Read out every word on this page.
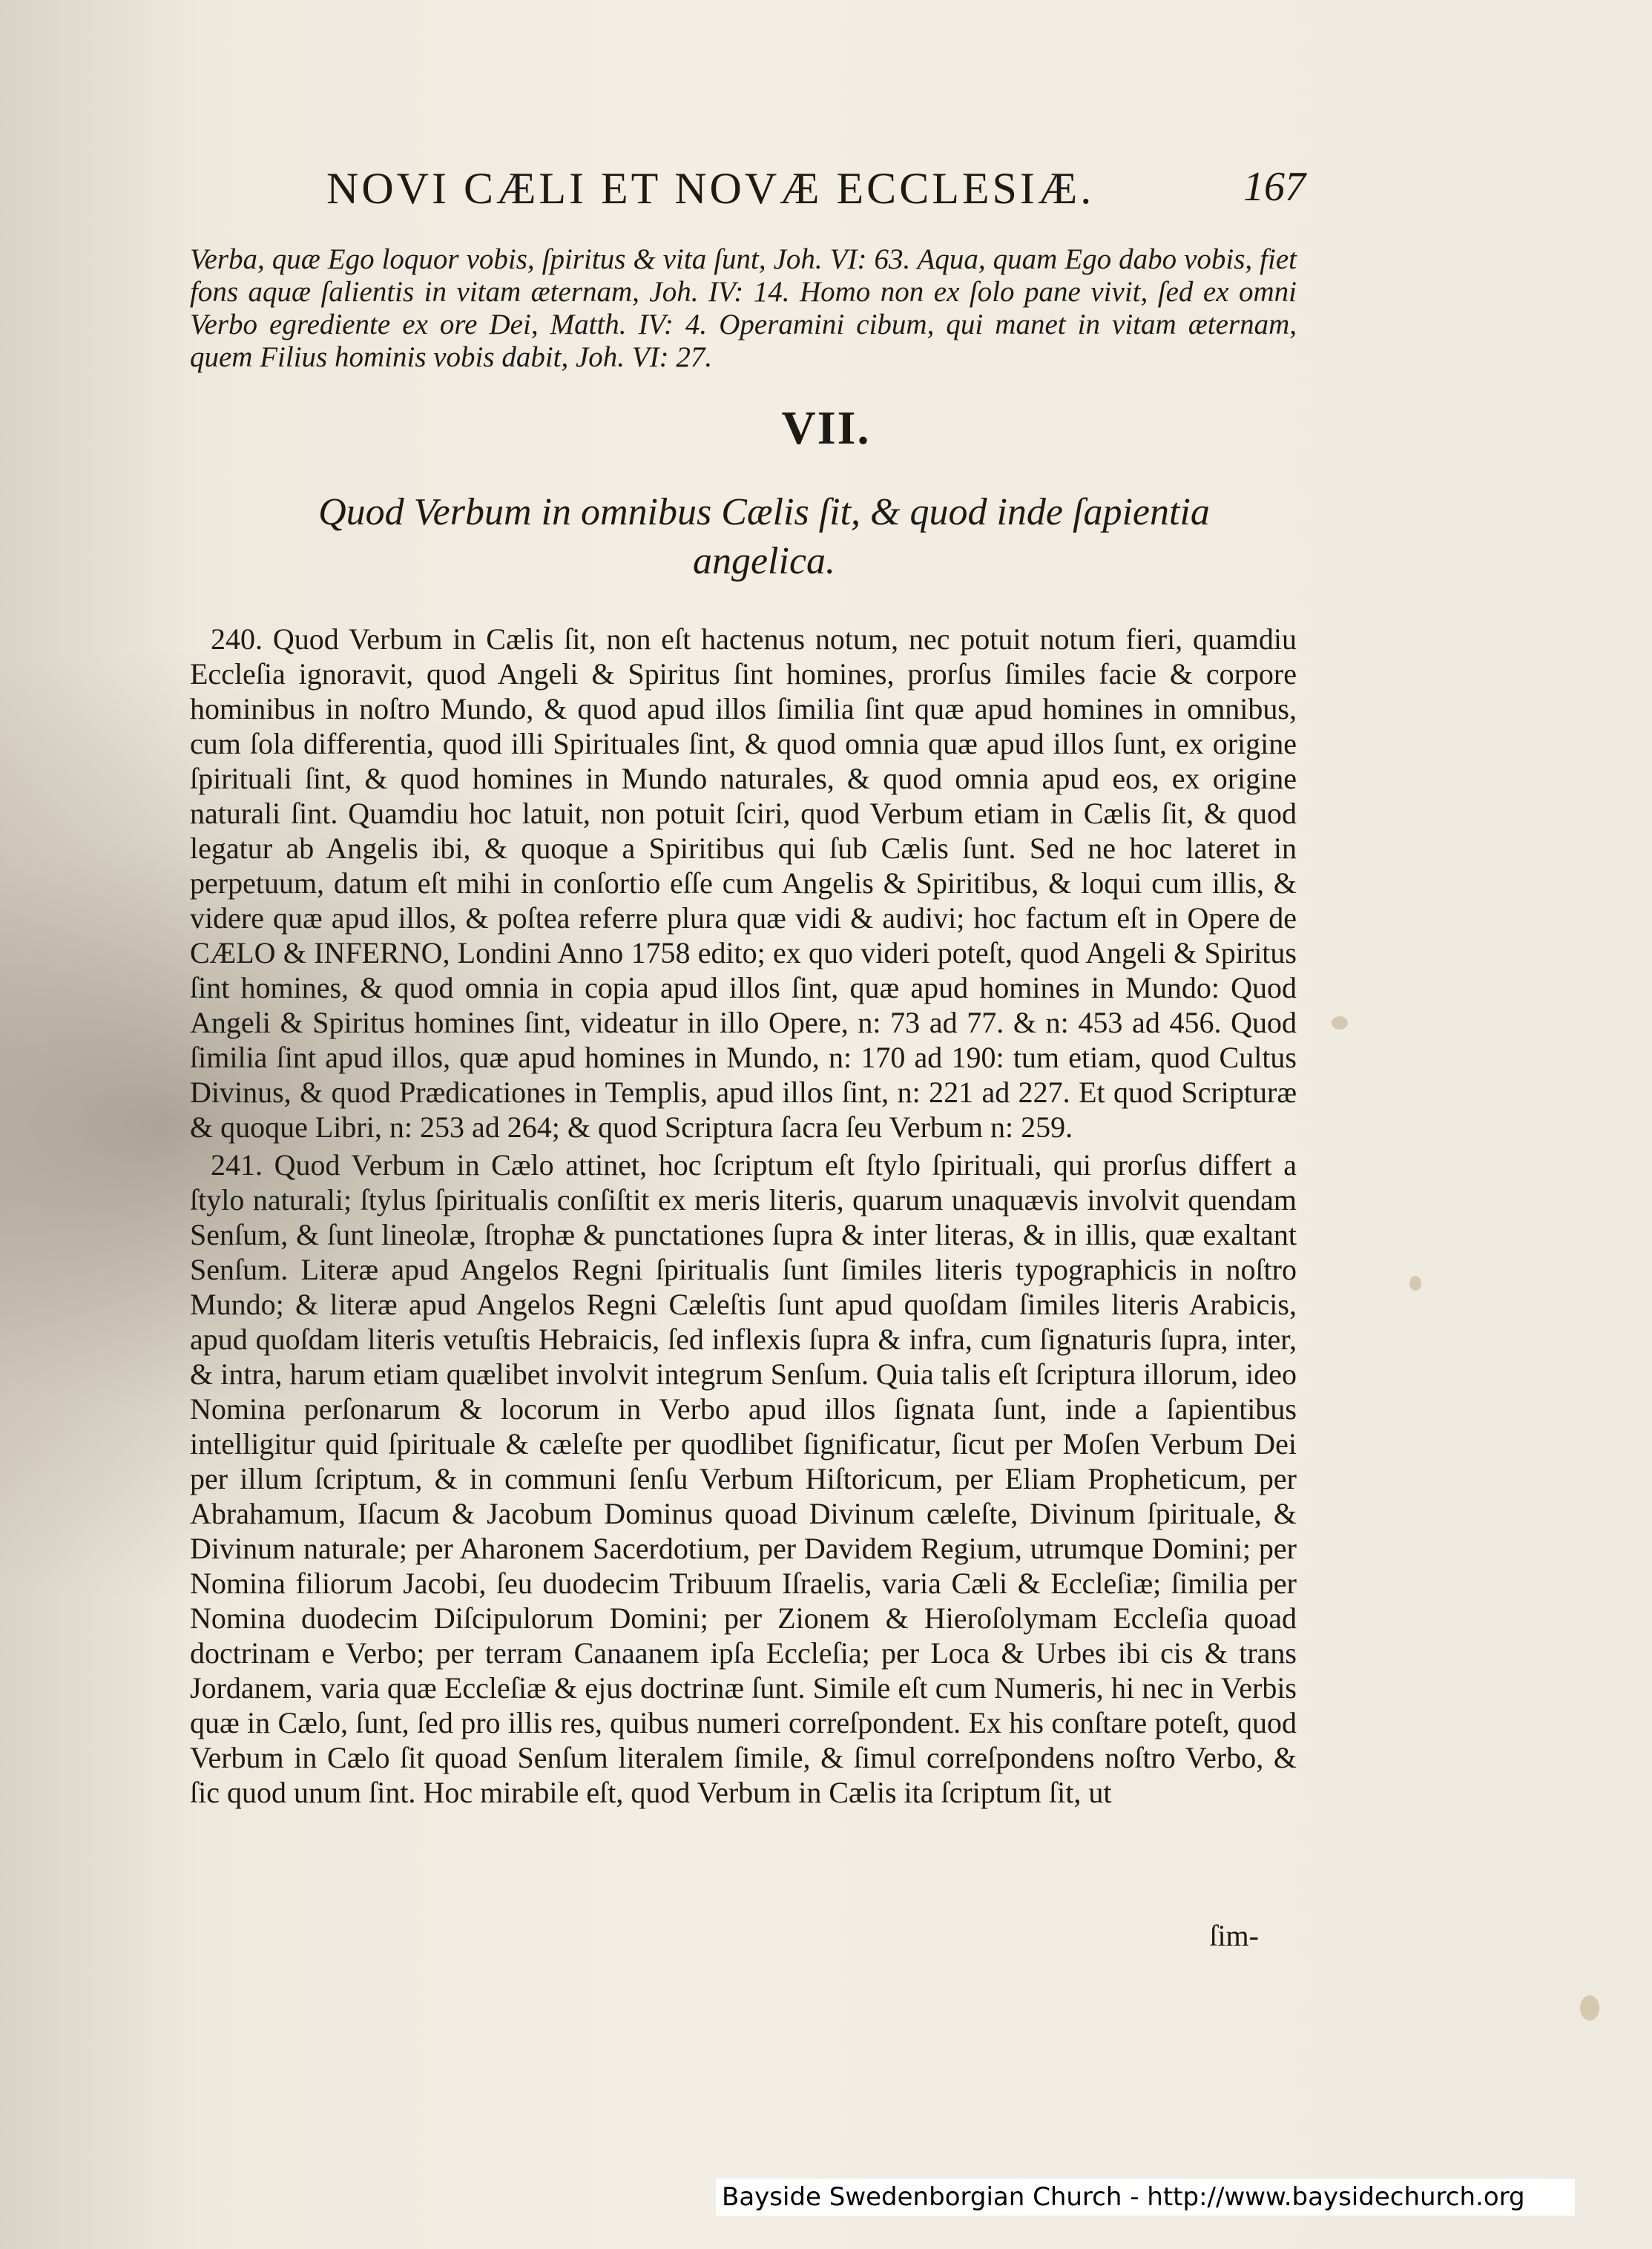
NOVI CÆLI ET NOVÆ ECCLESIÆ.	167
Verba, quæ Ego loquor vobis, ſpiritus & vita ſunt, Joh. VI: 63. Aqua, quam Ego dabo vobis, fiet fons aquæ ſalientis in vitam æternam, Joh. IV: 14. Homo non ex ſolo pane vivit, ſed ex omni Verbo egrediente ex ore Dei, Matth. IV: 4. Operamini cibum, qui manet in vitam æternam, quem Filius hominis vobis dabit, Joh. VI: 27.
VII.
Quod Verbum in omnibus Cælis ſit, & quod inde ſapientia angelica.

240. Quod Verbum in Cælis ſit, non eſt hactenus notum, nec potuit notum fieri, quamdiu Eccleſia ignoravit, quod Angeli & Spiritus ſint homines, prorſus ſimiles facie & corpore hominibus in noſtro Mundo, & quod apud illos ſimilia ſint quæ apud homines in omnibus, cum ſola differentia, quod illi Spirituales ſint, & quod omnia quæ apud illos ſunt, ex origine ſpirituali ſint, & quod homines in Mundo naturales, & quod omnia apud eos, ex origine naturali ſint. Quamdiu hoc latuit, non potuit ſciri, quod Verbum etiam in Cælis ſit, & quod legatur ab Angelis ibi, & quoque a Spiritibus qui ſub Cælis ſunt. Sed ne hoc lateret in perpetuum, datum eſt mihi in conſortio eſſe cum Angelis & Spiritibus, & loqui cum illis, & videre quæ apud illos, & poſtea referre plura quæ vidi & audivi; hoc factum eſt in Opere de CÆLO & INFERNO, Londini Anno 1758 edito; ex quo videri poteſt, quod Angeli & Spiritus ſint homines, & quod omnia in copia apud illos ſint, quæ apud homines in Mundo: Quod Angeli & Spiritus homines ſint, videatur in illo Opere, n: 73 ad 77. & n: 453 ad 456. Quod ſimilia ſint apud illos, quæ apud homines in Mundo, n: 170 ad 190: tum etiam, quod Cultus Divinus, & quod Prædicationes in Templis, apud illos ſint, n: 221 ad 227. Et quod Scripturæ & quoque Libri, n: 253 ad 264; & quod Scriptura ſacra ſeu Verbum n: 259.

241. Quod Verbum in Cælo attinet, hoc ſcriptum eſt ſtylo ſpirituali, qui prorſus differt a ſtylo naturali; ſtylus ſpiritualis conſiſtit ex meris literis, quarum unaquævis involvit quendam Senſum, & ſunt lineolæ, ſtrophæ & punctationes ſupra & inter literas, & in illis, quæ exaltant Senſum. Literæ apud Angelos Regni ſpiritualis ſunt ſimiles literis typographicis in noſtro Mundo; & literæ apud Angelos Regni Cæleſtis ſunt apud quoſdam ſimiles literis Arabicis, apud quoſdam literis vetuſtis Hebraicis, ſed inflexis ſupra & infra, cum ſignaturis ſupra, inter, & intra, harum etiam quælibet involvit integrum Senſum. Quia talis eſt ſcriptura illorum, ideo Nomina perſonarum & locorum in Verbo apud illos ſignata ſunt, inde a ſapientibus intelligitur quid ſpirituale & cæleſte per quodlibet ſignificatur, ſicut per Moſen Verbum Dei per illum ſcriptum, & in communi ſenſu Verbum Hiſtoricum, per Eliam Propheticum, per Abrahamum, Iſacum & Jacobum Dominus quoad Divinum cæleſte, Divinum ſpirituale, & Divinum naturale; per Aharonem Sacerdotium, per Davidem Regium, utrumque Domini; per Nomina filiorum Jacobi, ſeu duodecim Tribuum Iſraelis, varia Cæli & Eccleſiæ; ſimilia per Nomina duodecim Diſcipulorum Domini; per Zionem & Hieroſolymam Eccleſia quoad doctrinam e Verbo; per terram Canaanem ipſa Eccleſia; per Loca & Urbes ibi cis & trans Jordanem, varia quæ Eccleſiæ & ejus doctrinæ ſunt. Simile eſt cum Numeris, hi nec in Verbis quæ in Cælo, ſunt, ſed pro illis res, quibus numeri correſpondent. Ex his conſtare poteſt, quod Verbum in Cælo ſit quoad Senſum literalem ſimile, & ſimul correſpondens noſtro Verbo, & ſic quod unum ſint. Hoc mirabile eſt, quod Verbum in Cælis ita ſcriptum ſit, ut

ſim-
Bayside Swedenborgian Church - http://www.baysidechurch.org
